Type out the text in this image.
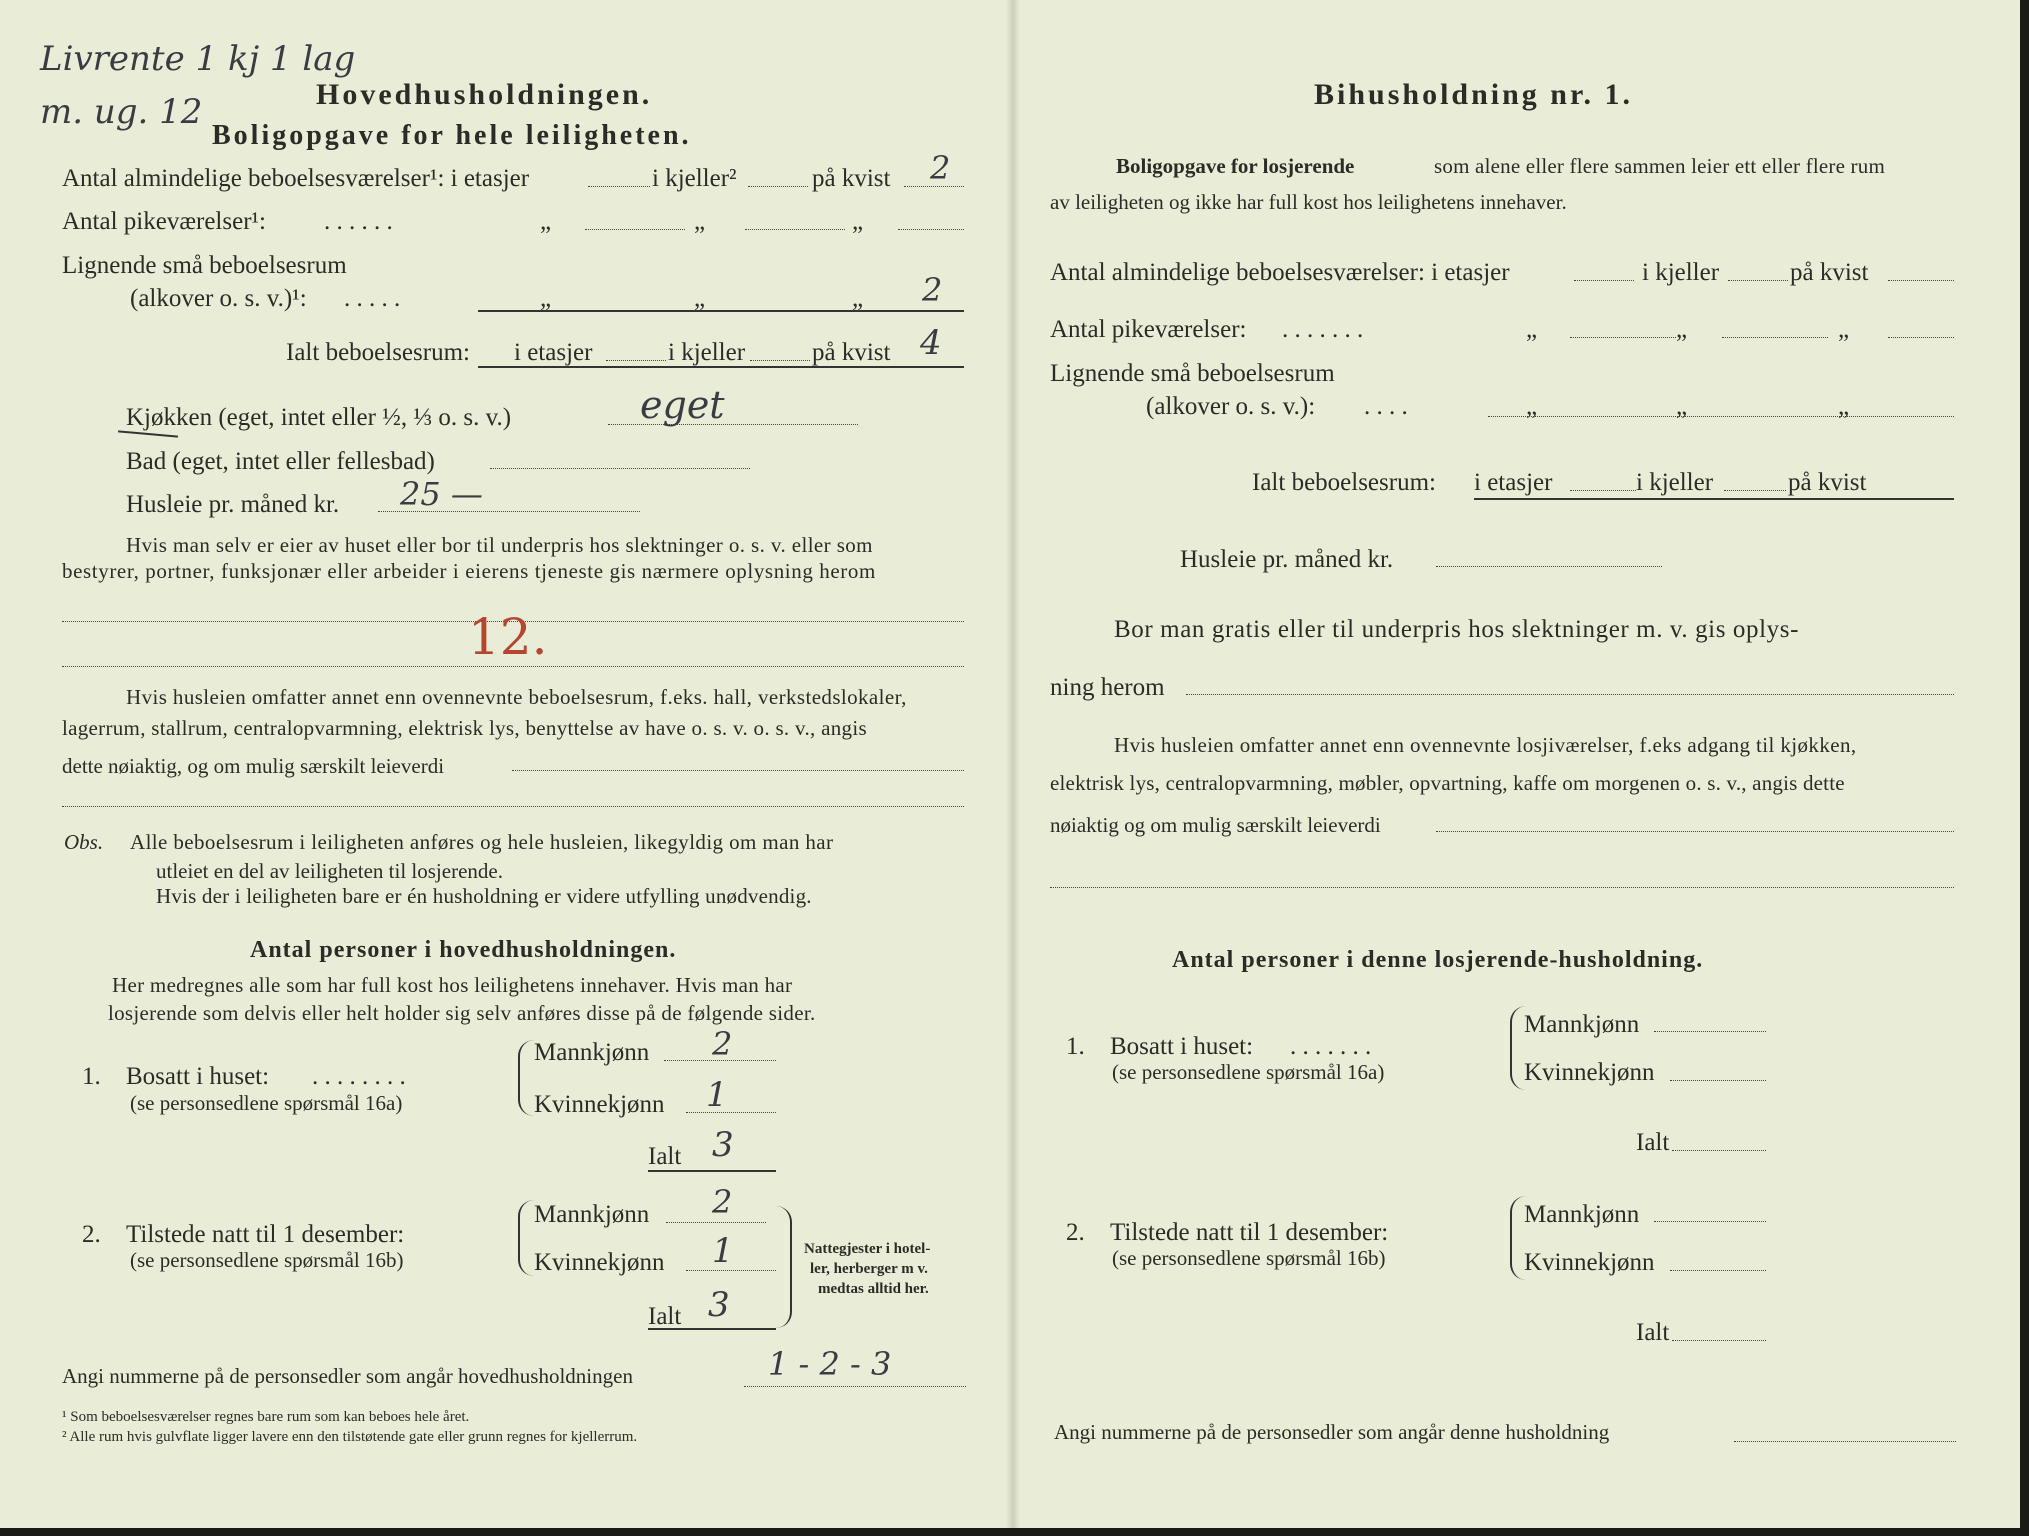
Livrente 1 kj 1 lag
m. ug. 12	Hovedhusholdningen.
Boligopgave for hele leiligheten.
Antal almindelige beboelsesværelser¹: i etasjer	i kjeller²	på kvist 2
Antal pikeværelser¹: . . . . . .	„	„	„
Lignende små beboelsesrum
(alkover o. s. v.)¹: . . . . .	„	„	„ 2
Ialt beboelsesrum: i etasjer	i kjeller	på kvist 4
Kjøkken (eget, intet eller ½, ⅓ o. s. v.)	eget
Bad (eget, intet eller fellesbad)
Husleie pr. måned kr. 25 —
Hvis man selv er eier av huset eller bor til underpris hos slektninger o. s. v. eller som
bestyrer, portner, funksjonær eller arbeider i eierens tjeneste gis nærmere oplysning herom
12.
Hvis husleien omfatter annet enn ovennevnte beboelsesrum, f.eks. hall, verkstedslokaler,
lagerrum, stallrum, centralopvarmning, elektrisk lys, benyttelse av have o. s. v. o. s. v., angis
dette nøiaktig, og om mulig særskilt leieverdi
Obs. Alle beboelsesrum i leiligheten anføres og hele husleien, likegyldig om man har
utleiet en del av leiligheten til losjerende.
Hvis der i leiligheten bare er én husholdning er videre utfylling unødvendig.
Antal personer i hovedhusholdningen.
Her medregnes alle som har full kost hos leilighetens innehaver. Hvis man har
losjerende som delvis eller helt holder sig selv anføres disse på de følgende sider.
1. Bosatt i huset: . . . . . . . .
(se personsedlene spørsmål 16a)
Mannkjønn 2
Kvinnekjønn 1
Ialt 3
2. Tilstede natt til 1 desember:
(se personsedlene spørsmål 16b)
Mannkjønn 2
Kvinnekjønn 1
Ialt 3
Nattegjester i hotel-
ler, herberger m v.
medtas alltid her.
Angi nummerne på de personsedler som angår hovedhusholdningen	1 - 2 - 3
¹ Som beboelsesværelser regnes bare rum som kan beboes hele året.
² Alle rum hvis gulvflate ligger lavere enn den tilstøtende gate eller grunn regnes for kjellerrum.
Bihusholdning nr. 1.
Boligopgave for losjerende	som alene eller flere sammen leier ett eller flere rum
av leiligheten og ikke har full kost hos leilighetens innehaver.
Antal almindelige beboelsesværelser: i etasjer	i kjeller	på kvist
Antal pikeværelser: . . . . . . .	„	„	„
Lignende små beboelsesrum
(alkover o. s. v.): . . . .	„	„	„
Ialt beboelsesrum: i etasjer	i kjeller	på kvist
Husleie pr. måned kr.
Bor man gratis eller til underpris hos slektninger m. v. gis oplys-
ning herom
Hvis husleien omfatter annet enn ovennevnte losjiværelser, f.eks adgang til kjøkken,
elektrisk lys, centralopvarmning, møbler, opvartning, kaffe om morgenen o. s. v., angis dette
nøiaktig og om mulig særskilt leieverdi
Antal personer i denne losjerende-husholdning.
1. Bosatt i huset: . . . . . . .
(se personsedlene spørsmål 16a)
Mannkjønn
Kvinnekjønn
Ialt
2. Tilstede natt til 1 desember:
(se personsedlene spørsmål 16b)
Mannkjønn
Kvinnekjønn
Ialt
Angi nummerne på de personsedler som angår denne husholdning
